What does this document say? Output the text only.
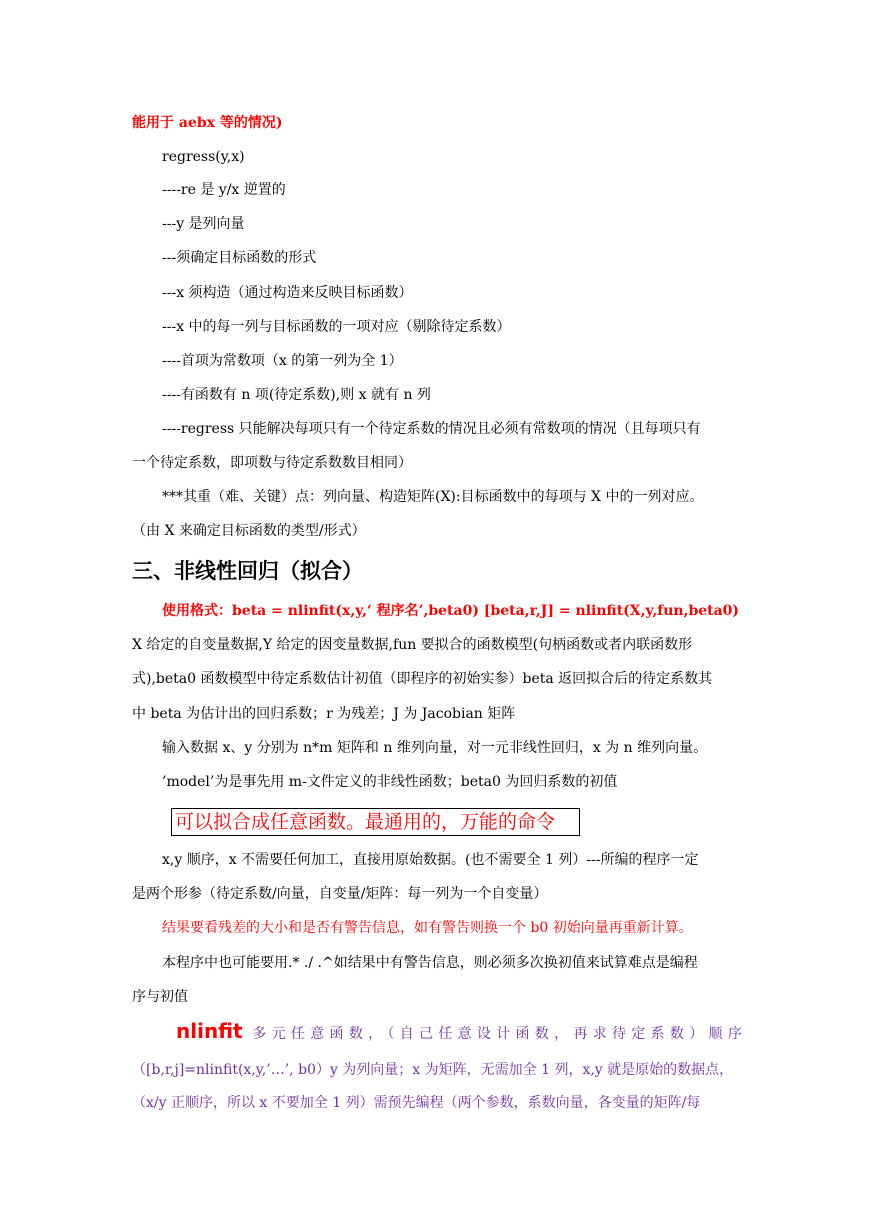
能用于 aebx 等的情况)
regress(y,x)
----re 是 y/x 逆置的
---y 是列向量
---须确定目标函数的形式
---x 须构造（通过构造来反映目标函数）
---x 中的每一列与目标函数的一项对应（剔除待定系数）
----首项为常数项（x 的第一列为全 1）
----有函数有 n 项(待定系数),则 x 就有 n 列
----regress 只能解决每项只有一个待定系数的情况且必须有常数项的情况（且每项只有
一个待定系数，即项数与待定系数数目相同）
***其重（难、关键）点：列向量、构造矩阵(X):目标函数中的每项与 X 中的一列对应。
（由 X 来确定目标函数的类型/形式）
三、非线性回归（拟合）
使用格式：beta = nlinfit(x,y,‘ 程序名’,beta0) [beta,r,J] = nlinfit(X,y,fun,beta0)
X 给定的自变量数据,Y 给定的因变量数据,fun 要拟合的函数模型(句柄函数或者内联函数形
式),beta0 函数模型中待定系数估计初值（即程序的初始实参）beta 返回拟合后的待定系数其
中 beta 为估计出的回归系数；r 为残差；J 为 Jacobian 矩阵
输入数据 x、y 分别为 n*m 矩阵和 n 维列向量，对一元非线性回归，x 为 n 维列向量。
’model’为是事先用 m-文件定义的非线性函数；beta0 为回归系数的初值
可以拟合成任意函数。最通用的，万能的命令
x,y 顺序，x 不需要任何加工，直接用原始数据。(也不需要全 1 列）---所编的程序一定
是两个形参（待定系数/向量，自变量/矩阵：每一列为一个自变量）
结果要看残差的大小和是否有警告信息，如有警告则换一个 b0 初始向量再重新计算。
本程序中也可能要用.* ./ .^如结果中有警告信息，则必须多次换初值来试算难点是编程
序与初值
nlinfit 多元任意函数，（自己任意设计函数，再求待定系数）顺序
（[b,r,j]=nlinfit(x,y,’…’, b0）y 为列向量；x 为矩阵，无需加全 1 列，x,y 就是原始的数据点，
（x/y 正顺序，所以 x 不要加全 1 列）需预先编程（两个参数，系数向量，各变量的矩阵/每
